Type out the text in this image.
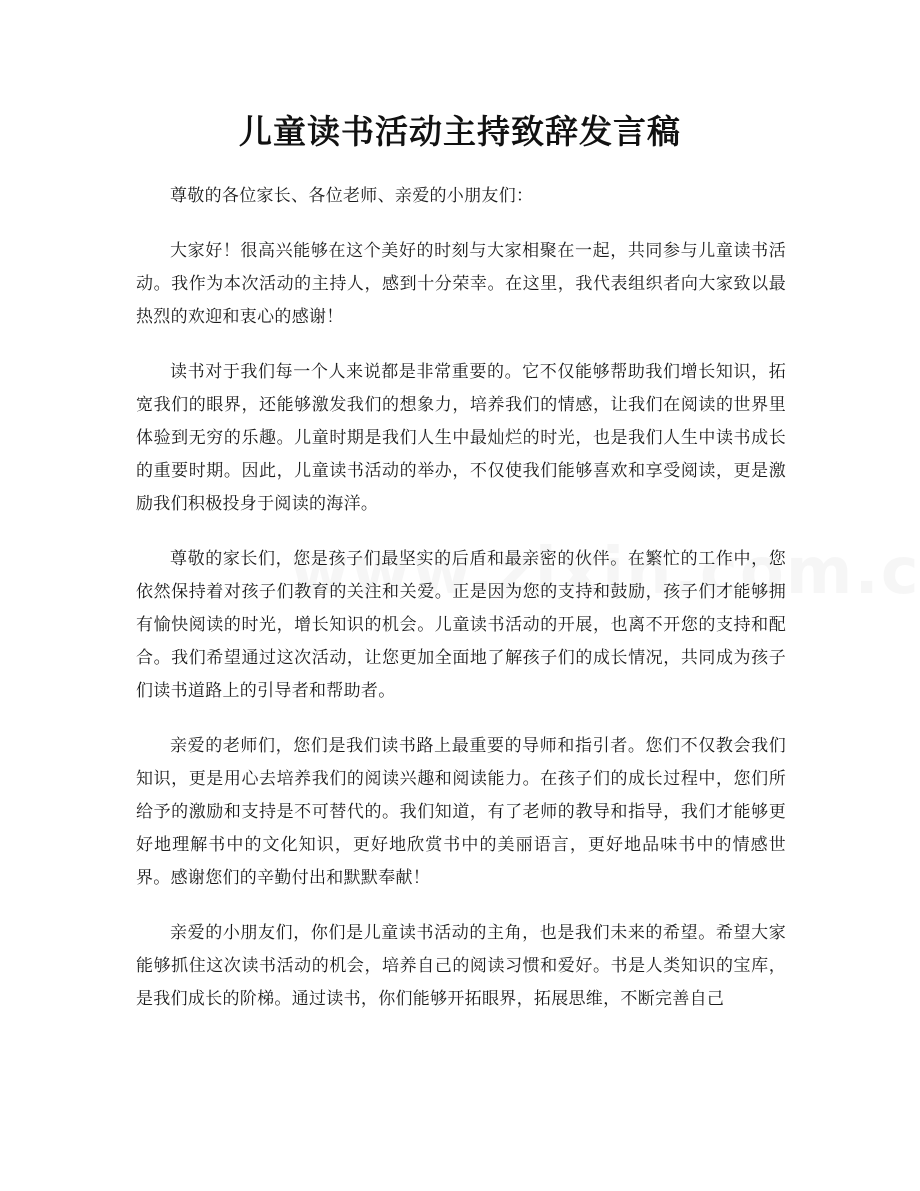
儿童读书活动主持致辞发言稿

尊敬的各位家长、各位老师、亲爱的小朋友们：

大家好！很高兴能够在这个美好的时刻与大家相聚在一起，共同参与儿童读书活动。我作为本次活动的主持人，感到十分荣幸。在这里，我代表组织者向大家致以最热烈的欢迎和衷心的感谢！

读书对于我们每一个人来说都是非常重要的。它不仅能够帮助我们增长知识，拓宽我们的眼界，还能够激发我们的想象力，培养我们的情感，让我们在阅读的世界里体验到无穷的乐趣。儿童时期是我们人生中最灿烂的时光，也是我们人生中读书成长的重要时期。因此，儿童读书活动的举办，不仅使我们能够喜欢和享受阅读，更是激励我们积极投身于阅读的海洋。

尊敬的家长们，您是孩子们最坚实的后盾和最亲密的伙伴。在繁忙的工作中，您依然保持着对孩子们教育的关注和关爱。正是因为您的支持和鼓励，孩子们才能够拥有愉快阅读的时光，增长知识的机会。儿童读书活动的开展，也离不开您的支持和配合。我们希望通过这次活动，让您更加全面地了解孩子们的成长情况，共同成为孩子们读书道路上的引导者和帮助者。

亲爱的老师们，您们是我们读书路上最重要的导师和指引者。您们不仅教会我们知识，更是用心去培养我们的阅读兴趣和阅读能力。在孩子们的成长过程中，您们所给予的激励和支持是不可替代的。我们知道，有了老师的教导和指导，我们才能够更好地理解书中的文化知识，更好地欣赏书中的美丽语言，更好地品味书中的情感世界。感谢您们的辛勤付出和默默奉献！

亲爱的小朋友们，你们是儿童读书活动的主角，也是我们未来的希望。希望大家能够抓住这次读书活动的机会，培养自己的阅读习惯和爱好。书是人类知识的宝库，是我们成长的阶梯。通过读书，你们能够开拓眼界，拓展思维，不断完善自己
